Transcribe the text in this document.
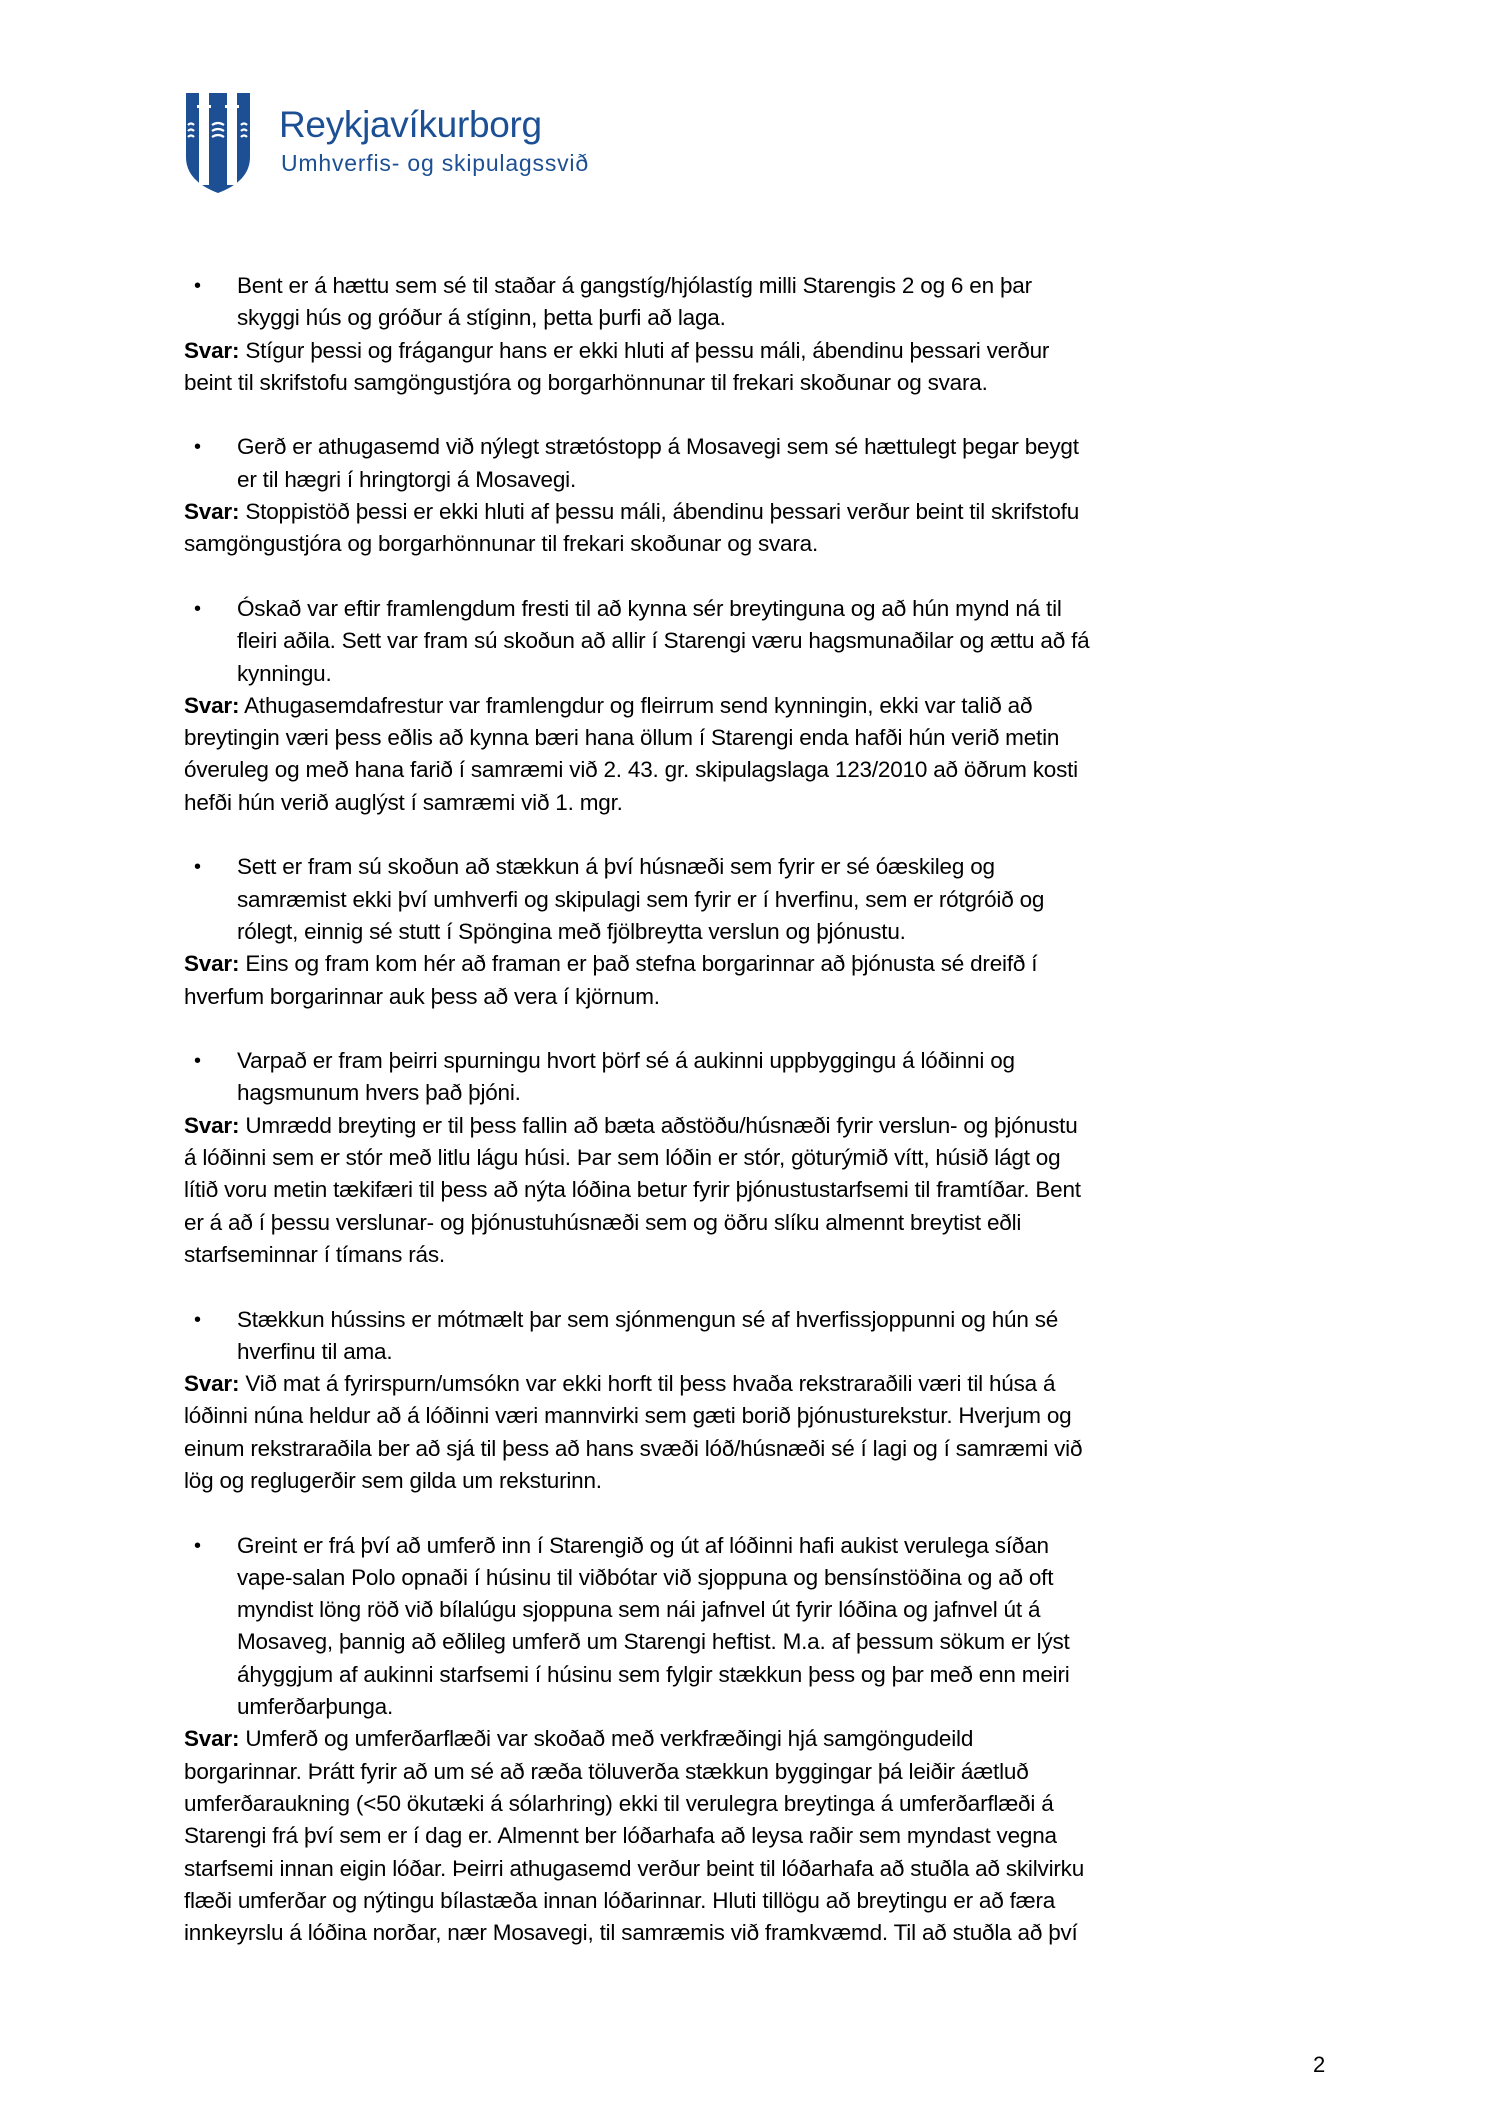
Reykjavíkurborg
Umhverfis- og skipulagssvið
• Bent er á hættu sem sé til staðar á gangstíg/hjólastíg milli Starengis 2 og 6 en þar
skyggi hús og gróður á stíginn, þetta þurfi að laga.
Svar: Stígur þessi og frágangur hans er ekki hluti af þessu máli, ábendinu þessari verður
beint til skrifstofu samgöngustjóra og borgarhönnunar til frekari skoðunar og svara.
• Gerð er athugasemd við nýlegt strætóstopp á Mosavegi sem sé hættulegt þegar beygt
er til hægri í hringtorgi á Mosavegi.
Svar: Stoppistöð þessi er ekki hluti af þessu máli, ábendinu þessari verður beint til skrifstofu
samgöngustjóra og borgarhönnunar til frekari skoðunar og svara.
• Óskað var eftir framlengdum fresti til að kynna sér breytinguna og að hún mynd ná til
fleiri aðila. Sett var fram sú skoðun að allir í Starengi væru hagsmunaðilar og ættu að fá
kynningu.
Svar: Athugasemdafrestur var framlengdur og fleirrum send kynningin, ekki var talið að
breytingin væri þess eðlis að kynna bæri hana öllum í Starengi enda hafði hún verið metin
óveruleg og með hana farið í samræmi við 2. 43. gr. skipulagslaga 123/2010 að öðrum kosti
hefði hún verið auglýst í samræmi við 1. mgr.
• Sett er fram sú skoðun að stækkun á því húsnæði sem fyrir er sé óæskileg og
samræmist ekki því umhverfi og skipulagi sem fyrir er í hverfinu, sem er rótgróið og
rólegt, einnig sé stutt í Spöngina með fjölbreytta verslun og þjónustu.
Svar: Eins og fram kom hér að framan er það stefna borgarinnar að þjónusta sé dreifð í
hverfum borgarinnar auk þess að vera í kjörnum.
• Varpað er fram þeirri spurningu hvort þörf sé á aukinni uppbyggingu á lóðinni og
hagsmunum hvers það þjóni.
Svar: Umrædd breyting er til þess fallin að bæta aðstöðu/húsnæði fyrir verslun- og þjónustu
á lóðinni sem er stór með litlu lágu húsi. Þar sem lóðin er stór, göturýmið vítt, húsið lágt og
lítið voru metin tækifæri til þess að nýta lóðina betur fyrir þjónustustarfsemi til framtíðar. Bent
er á að í þessu verslunar- og þjónustuhúsnæði sem og öðru slíku almennt breytist eðli
starfseminnar í tímans rás.
• Stækkun hússins er mótmælt þar sem sjónmengun sé af hverfissjoppunni og hún sé
hverfinu til ama.
Svar: Við mat á fyrirspurn/umsókn var ekki horft til þess hvaða rekstraraðili væri til húsa á
lóðinni núna heldur að á lóðinni væri mannvirki sem gæti borið þjónusturekstur. Hverjum og
einum rekstraraðila ber að sjá til þess að hans svæði lóð/húsnæði sé í lagi og í samræmi við
lög og reglugerðir sem gilda um reksturinn.
• Greint er frá því að umferð inn í Starengið og út af lóðinni hafi aukist verulega síðan
vape-salan Polo opnaði í húsinu til viðbótar við sjoppuna og bensínstöðina og að oft
myndist löng röð við bílalúgu sjoppuna sem nái jafnvel út fyrir lóðina og jafnvel út á
Mosaveg, þannig að eðlileg umferð um Starengi heftist. M.a. af þessum sökum er lýst
áhyggjum af aukinni starfsemi í húsinu sem fylgir stækkun þess og þar með enn meiri
umferðarþunga.
Svar: Umferð og umferðarflæði var skoðað með verkfræðingi hjá samgöngudeild
borgarinnar. Þrátt fyrir að um sé að ræða töluverða stækkun byggingar þá leiðir áætluð
umferðaraukning (<50 ökutæki á sólarhring) ekki til verulegra breytinga á umferðarflæði á
Starengi frá því sem er í dag er. Almennt ber lóðarhafa að leysa raðir sem myndast vegna
starfsemi innan eigin lóðar. Þeirri athugasemd verður beint til lóðarhafa að stuðla að skilvirku
flæði umferðar og nýtingu bílastæða innan lóðarinnar. Hluti tillögu að breytingu er að færa
innkeyrslu á lóðina norðar, nær Mosavegi, til samræmis við framkvæmd. Til að stuðla að því
2
